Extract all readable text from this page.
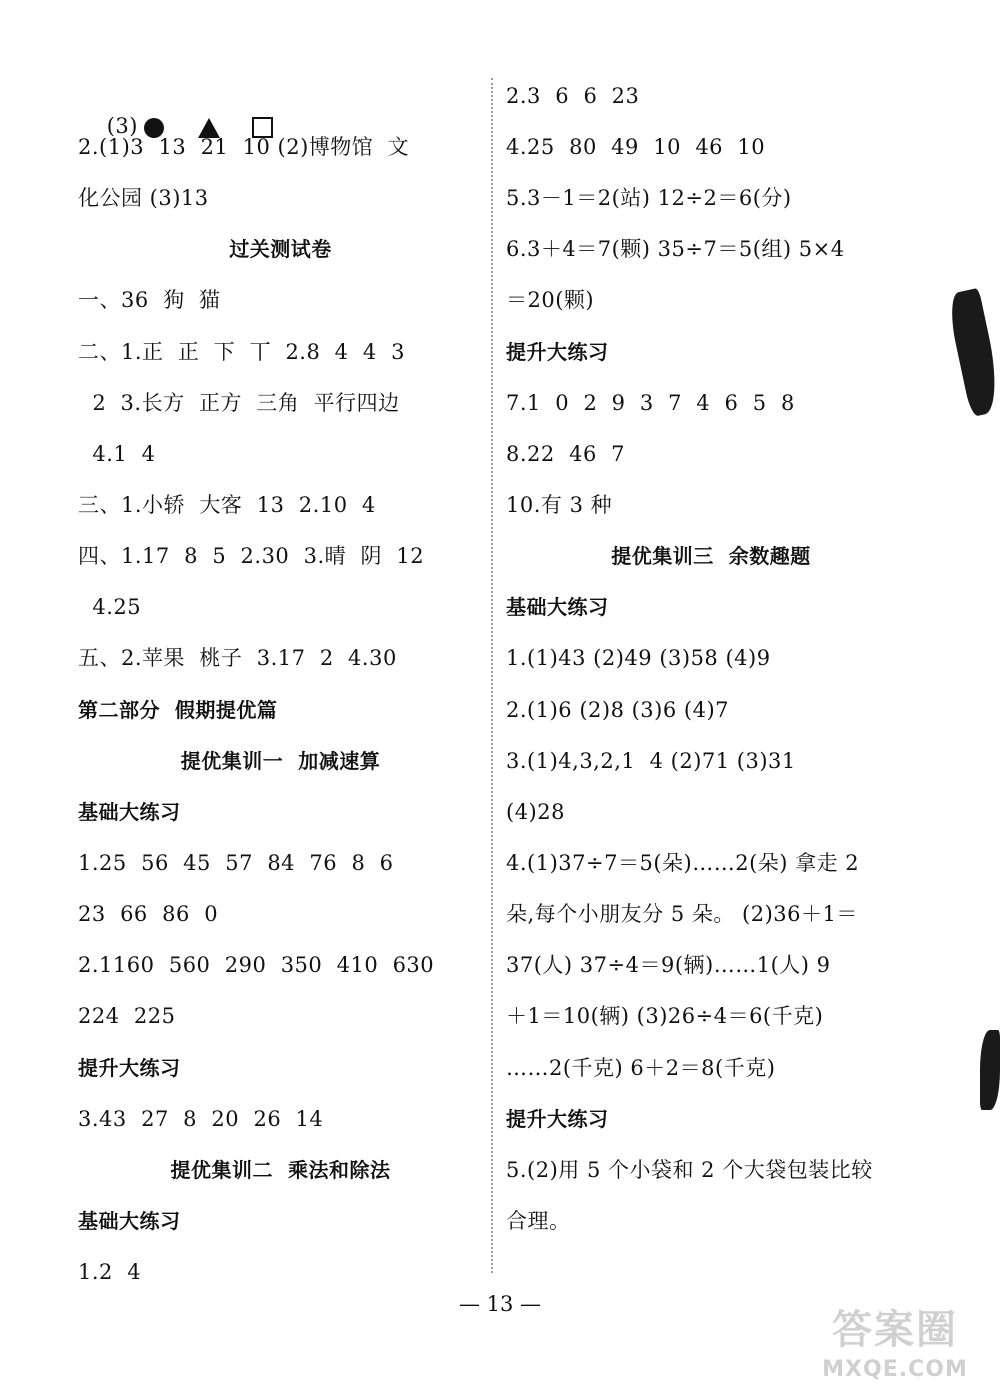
(3)

2.(1)3  13  21  10 (2)博物馆  文
化公园 (3)13
过关测试卷
一、36  狗  猫
二、1.正  正  下  丅  2.8  4  4  3
2  3.长方  正方  三角  平行四边
4.1  4
三、1.小轿  大客  13  2.10  4
四、1.17  8  5  2.30  3.晴  阴  12
4.25
五、2.苹果  桃子  3.17  2  4.30
第二部分  假期提优篇
提优集训一  加减速算
基础大练习
1.25  56  45  57  84  76  8  6
23  66  86  0
2.1160  560  290  350  410  630
224  225
提升大练习
3.43  27  8  20  26  14
提优集训二  乘法和除法
基础大练习
1.2  4
2.3  6  6  23
4.25  80  49  10  46  10
5.3－1＝2(站) 12÷2＝6(分)
6.3＋4＝7(颗) 35÷7＝5(组) 5×4
＝20(颗)
提升大练习
7.1  0  2  9  3  7  4  6  5  8
8.22  46  7
10.有 3 种
提优集训三  余数趣题
基础大练习
1.(1)43 (2)49 (3)58 (4)9
2.(1)6 (2)8 (3)6 (4)7
3.(1)4,3,2,1  4 (2)71 (3)31
(4)28
4.(1)37÷7＝5(朵)……2(朵) 拿走 2
朵,每个小朋友分 5 朵。 (2)36＋1＝
37(人) 37÷4＝9(辆)……1(人) 9
＋1＝10(辆) (3)26÷4＝6(千克)
……2(千克) 6＋2＝8(千克)
提升大练习
5.(2)用 5 个小袋和 2 个大袋包装比较
合理。
— 13 —
答案圈
MXQE.COM
